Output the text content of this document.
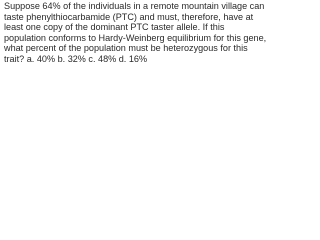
Suppose 64% of the individuals in a remote mountain village can
taste phenylthiocarbamide (PTC) and must, therefore, have at
least one copy of the dominant PTC taster allele. If this
population conforms to Hardy-Weinberg equilibrium for this gene,
what percent of the population must be heterozygous for this
trait? a. 40% b. 32% c. 48% d. 16%
